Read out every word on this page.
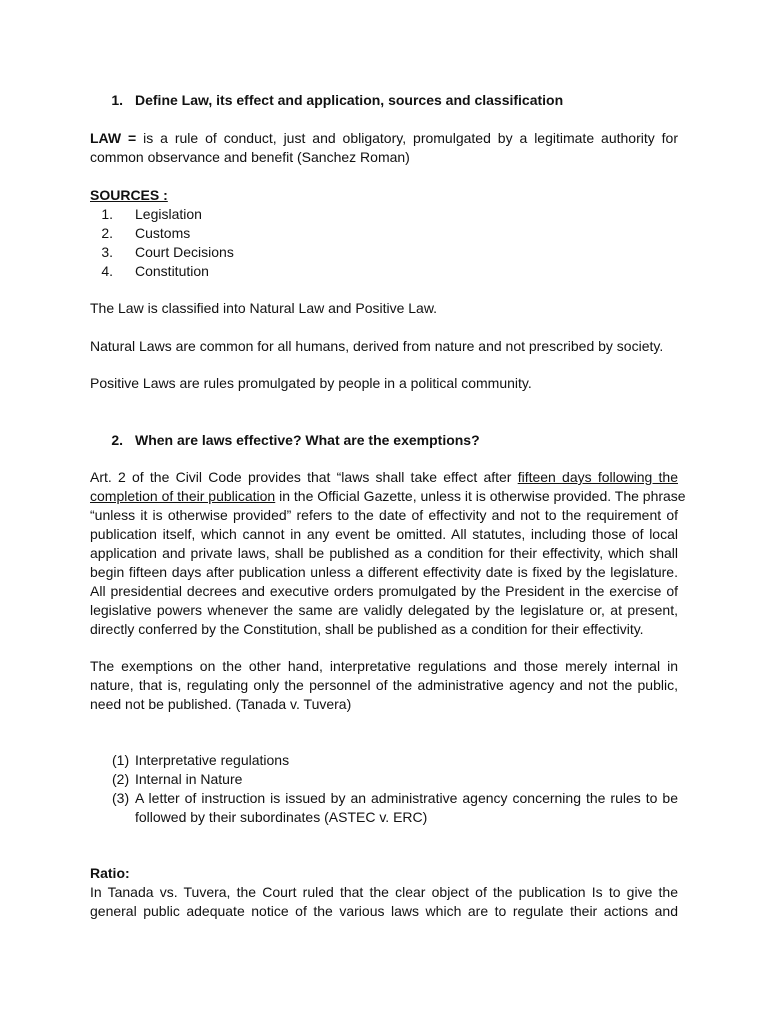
1. Define Law, its effect and application, sources and classification
LAW = is a rule of conduct, just and obligatory, promulgated by a legitimate authority for
common observance and benefit (Sanchez Roman)
SOURCES :
1. Legislation
2. Customs
3. Court Decisions
4. Constitution
The Law is classified into Natural Law and Positive Law.
Natural Laws are common for all humans, derived from nature and not prescribed by society.
Positive Laws are rules promulgated by people in a political community.
2. When are laws effective? What are the exemptions?
Art. 2 of the Civil Code provides that “laws shall take effect after fifteen days following the
completion of their publication in the Official Gazette, unless it is otherwise provided. The phrase
“unless it is otherwise provided” refers to the date of effectivity and not to the requirement of
publication itself, which cannot in any event be omitted. All statutes, including those of local
application and private laws, shall be published as a condition for their effectivity, which shall
begin fifteen days after publication unless a different effectivity date is fixed by the legislature.
All presidential decrees and executive orders promulgated by the President in the exercise of
legislative powers whenever the same are validly delegated by the legislature or, at present,
directly conferred by the Constitution, shall be published as a condition for their effectivity.
The exemptions on the other hand, interpretative regulations and those merely internal in
nature, that is, regulating only the personnel of the administrative agency and not the public,
need not be published. (Tanada v. Tuvera)
(1) Interpretative regulations
(2) Internal in Nature
(3) A letter of instruction is issued by an administrative agency concerning the rules to be
followed by their subordinates (ASTEC v. ERC)
Ratio:
In Tanada vs. Tuvera, the Court ruled that the clear object of the publication Is to give the
general public adequate notice of the various laws which are to regulate their actions and
